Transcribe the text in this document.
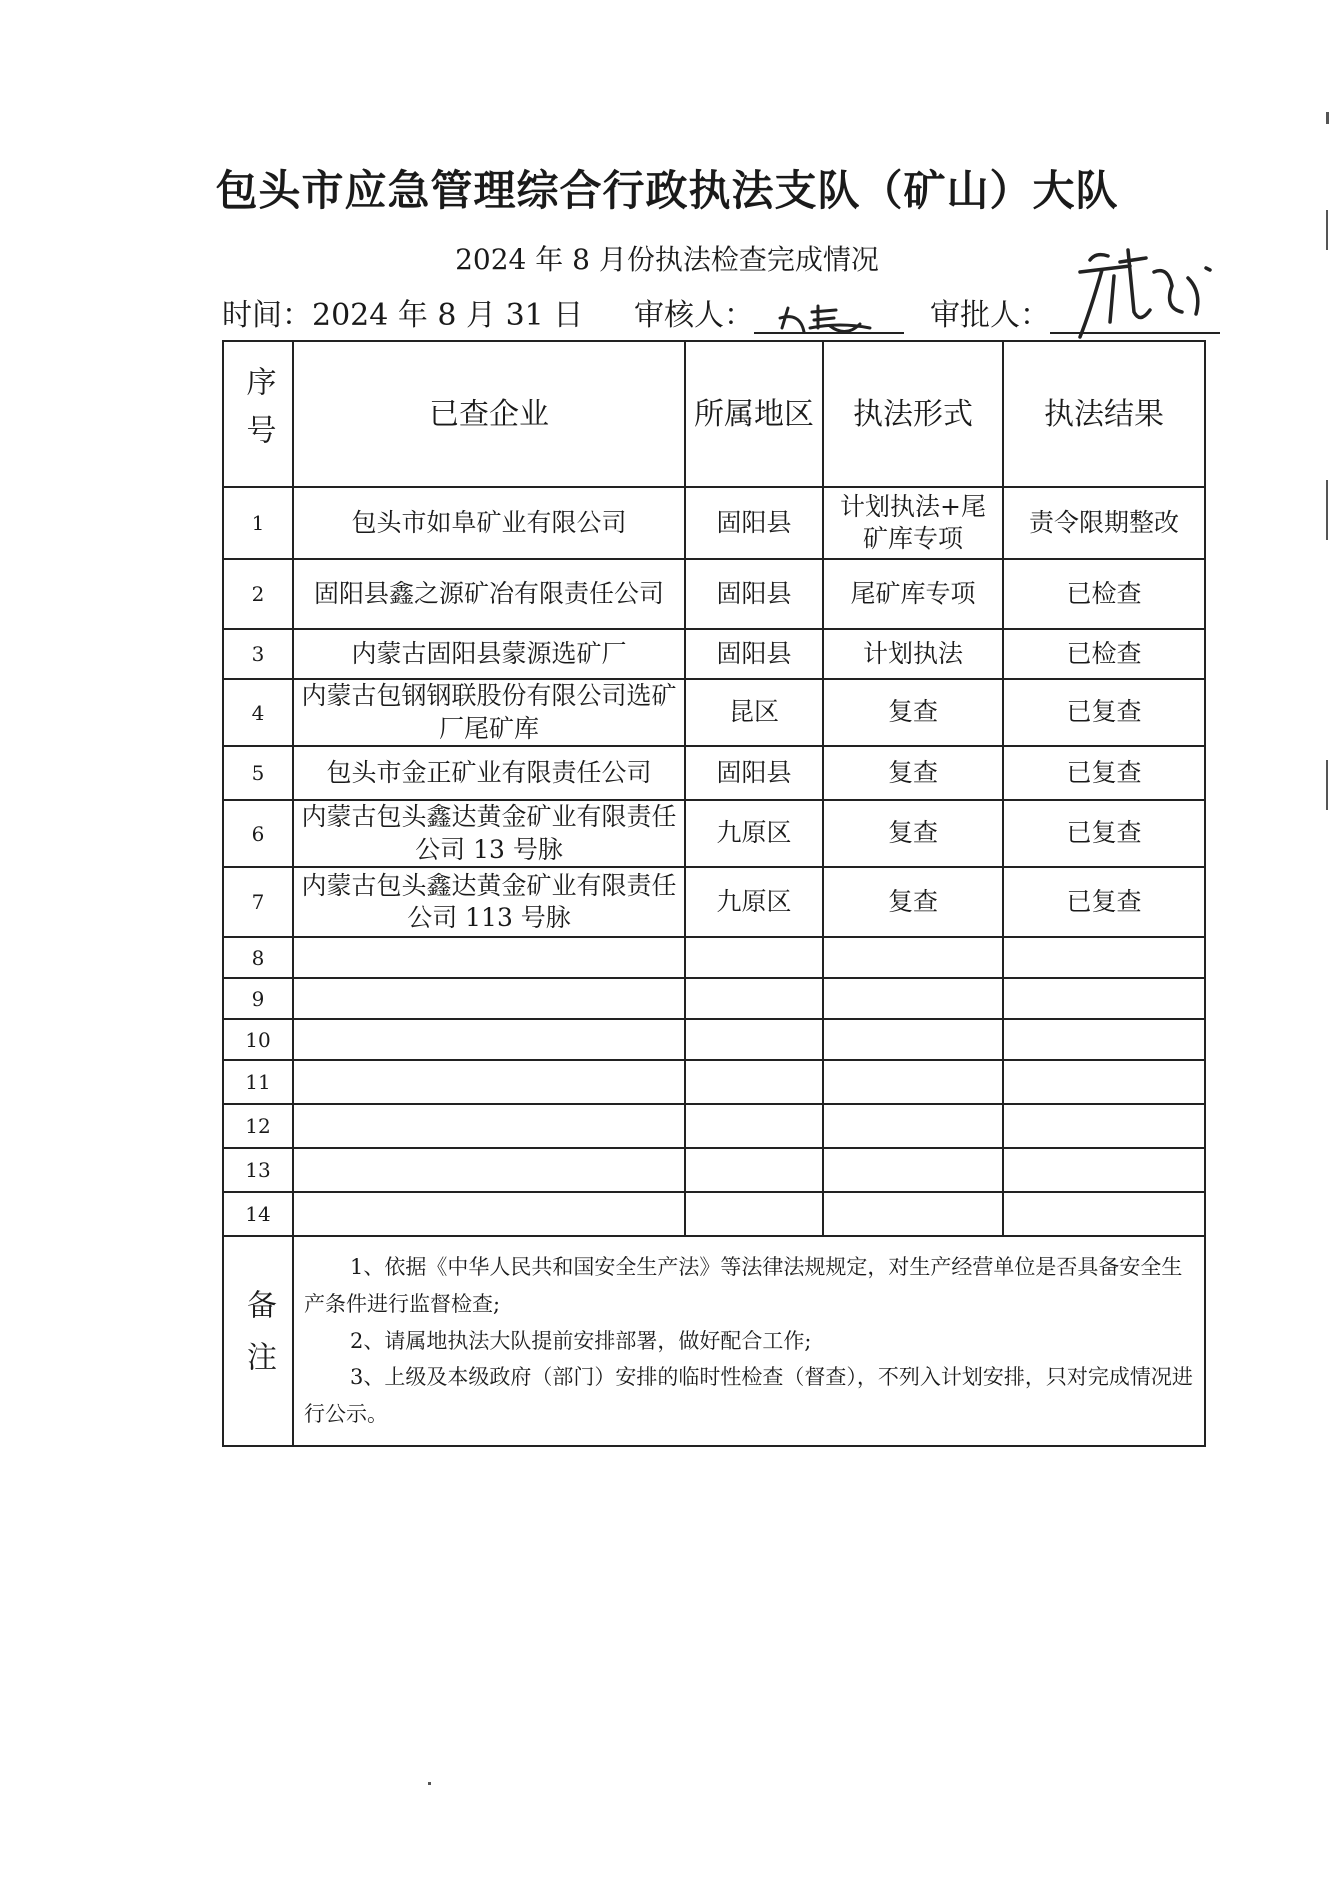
包头市应急管理综合行政执法支队（矿山）大队
2024 年 8 月份执法检查完成情况
时间：2024 年 8 月 31 日 审核人：	审批人：
序号	已查企业	所属地区	执法形式	执法结果
1	包头市如阜矿业有限公司	固阳县	计划执法+尾矿库专项	责令限期整改
2	固阳县鑫之源矿冶有限责任公司	固阳县	尾矿库专项	已检查
3	内蒙古固阳县蒙源选矿厂	固阳县	计划执法	已检查
4	内蒙古包钢钢联股份有限公司选矿厂尾矿库	昆区	复查	已复查
5	包头市金正矿业有限责任公司	固阳县	复查	已复查
6	内蒙古包头鑫达黄金矿业有限责任公司 13 号脉	九原区	复查	已复查
7	内蒙古包头鑫达黄金矿业有限责任公司 113 号脉	九原区	复查	已复查
8				
9				
10				
11				
12				
13				
14				
备注	1、依据《中华人民共和国安全生产法》等法律法规规定，对生产经营单位是否具备安全生产条件进行监督检查;

2、请属地执法大队提前安排部署，做好配合工作;

3、上级及本级政府（部门）安排的临时性检查（督查），不列入计划安排，只对完成情况进行公示。			
